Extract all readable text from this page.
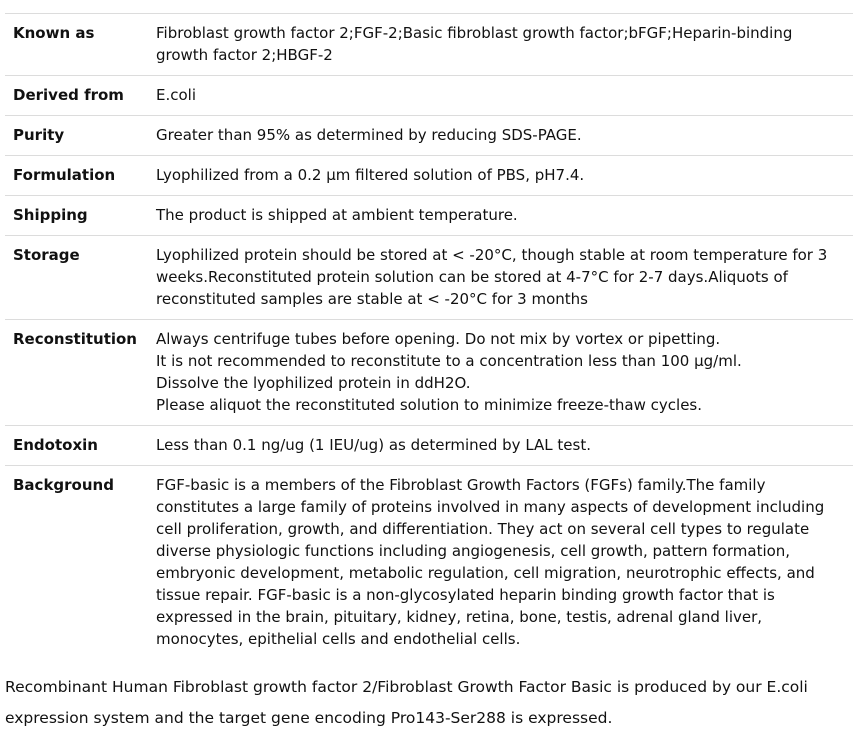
Known as	Fibroblast growth factor 2;FGF-2;Basic fibroblast growth factor;bFGF;Heparin-binding growth factor 2;HBGF-2
Derived from	E.coli
Purity	Greater than 95% as determined by reducing SDS-PAGE.
Formulation	Lyophilized from a 0.2 μm filtered solution of PBS, pH7.4.
Shipping	The product is shipped at ambient temperature.
Storage	Lyophilized protein should be stored at < -20°C, though stable at room temperature for 3 weeks.Reconstituted protein solution can be stored at 4-7°C for 2-7 days.Aliquots of reconstituted samples are stable at < -20°C for 3 months
Reconstitution	Always centrifuge tubes before opening. Do not mix by vortex or pipetting.
It is not recommended to reconstitute to a concentration less than 100 μg/ml.
Dissolve the lyophilized protein in ddH2O.
Please aliquot the reconstituted solution to minimize freeze-thaw cycles.

Endotoxin	Less than 0.1 ng/ug (1 IEU/ug) as determined by LAL test.
Background	FGF-basic is a members of the Fibroblast Growth Factors (FGFs) family.The family constitutes a large family of proteins involved in many aspects of development including cell proliferation, growth, and differentiation. They act on several cell types to regulate diverse physiologic functions including angiogenesis, cell growth, pattern formation, embryonic development, metabolic regulation, cell migration, neurotrophic effects, and tissue repair. FGF-basic is a non-glycosylated heparin binding growth factor that is expressed in the brain, pituitary, kidney, retina, bone, testis, adrenal gland liver, monocytes, epithelial cells and endothelial cells.
Recombinant Human Fibroblast growth factor 2/Fibroblast Growth Factor Basic is produced by our E.coli expression system and the target gene encoding Pro143-Ser288 is expressed.
